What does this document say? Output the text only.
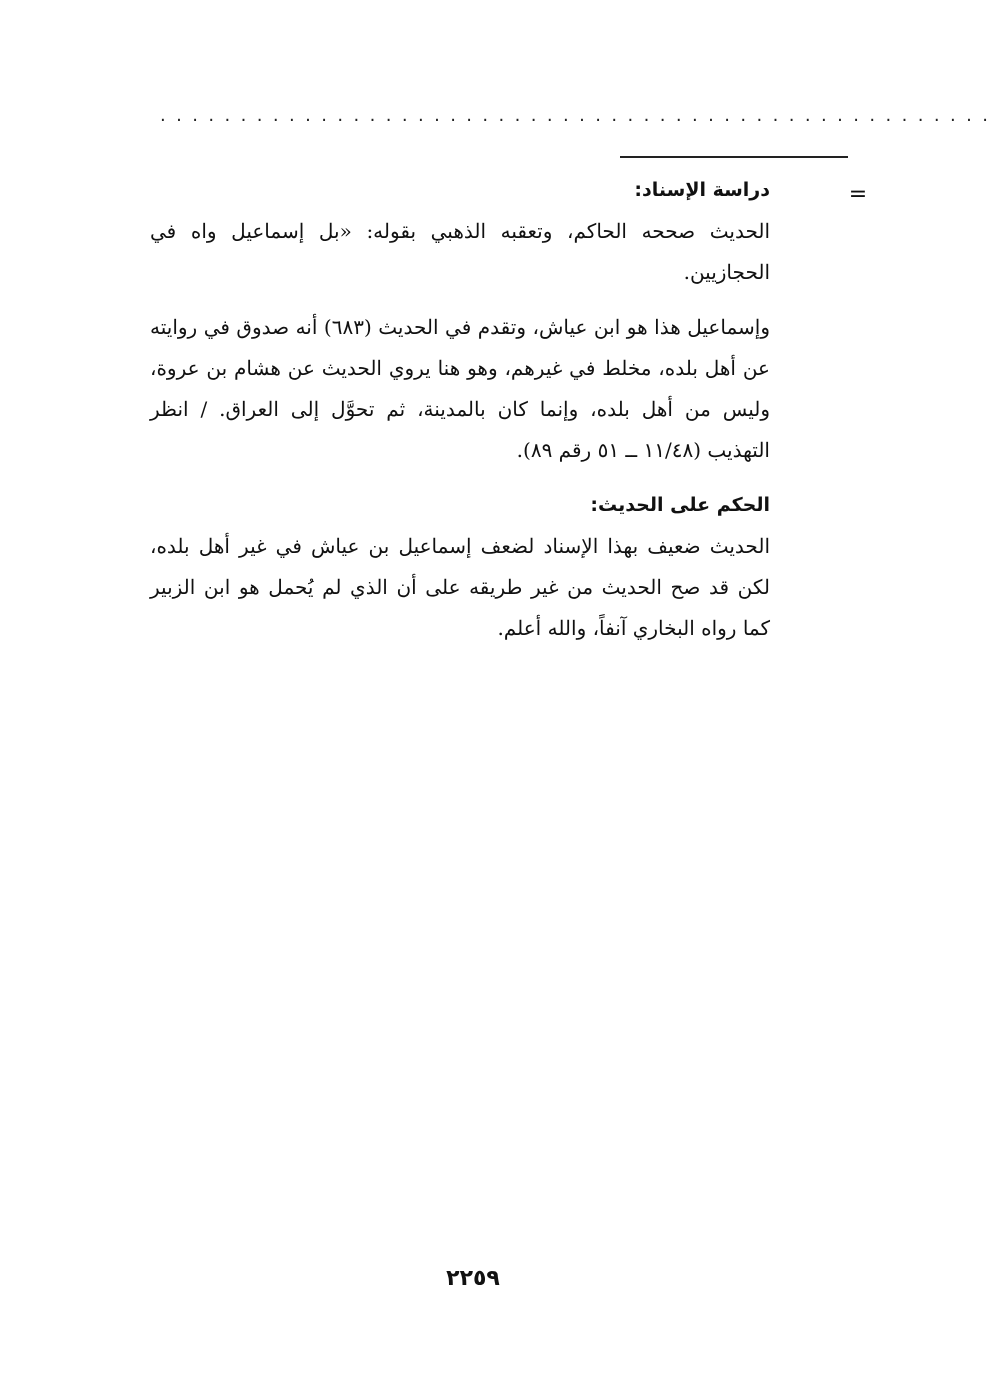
....................................................
=

دراسة الإسناد:

الحديث صححه الحاكم، وتعقبه الذهبي بقوله: «بل إسماعيل واه في الحجازيين.

وإسماعيل هذا هو ابن عياش، وتقدم في الحديث (٦٨٣) أنه صدوق في روايته عن أهل بلده، مخلط في غيرهم، وهو هنا يروي الحديث عن هشام بن عروة، وليس من أهل بلده، وإنما كان بالمدينة، ثم تحوَّل إلى العراق. / انظر التهذيب (١١/٤٨ ــ ٥١ رقم ٨٩).

الحكم على الحديث:

الحديث ضعيف بهذا الإسناد لضعف إسماعيل بن عياش في غير أهل بلده، لكن قد صح الحديث من غير طريقه على أن الذي لم يُحمل هو ابن الزبير كما رواه البخاري آنفاً، والله أعلم.

٢٢٥٩
